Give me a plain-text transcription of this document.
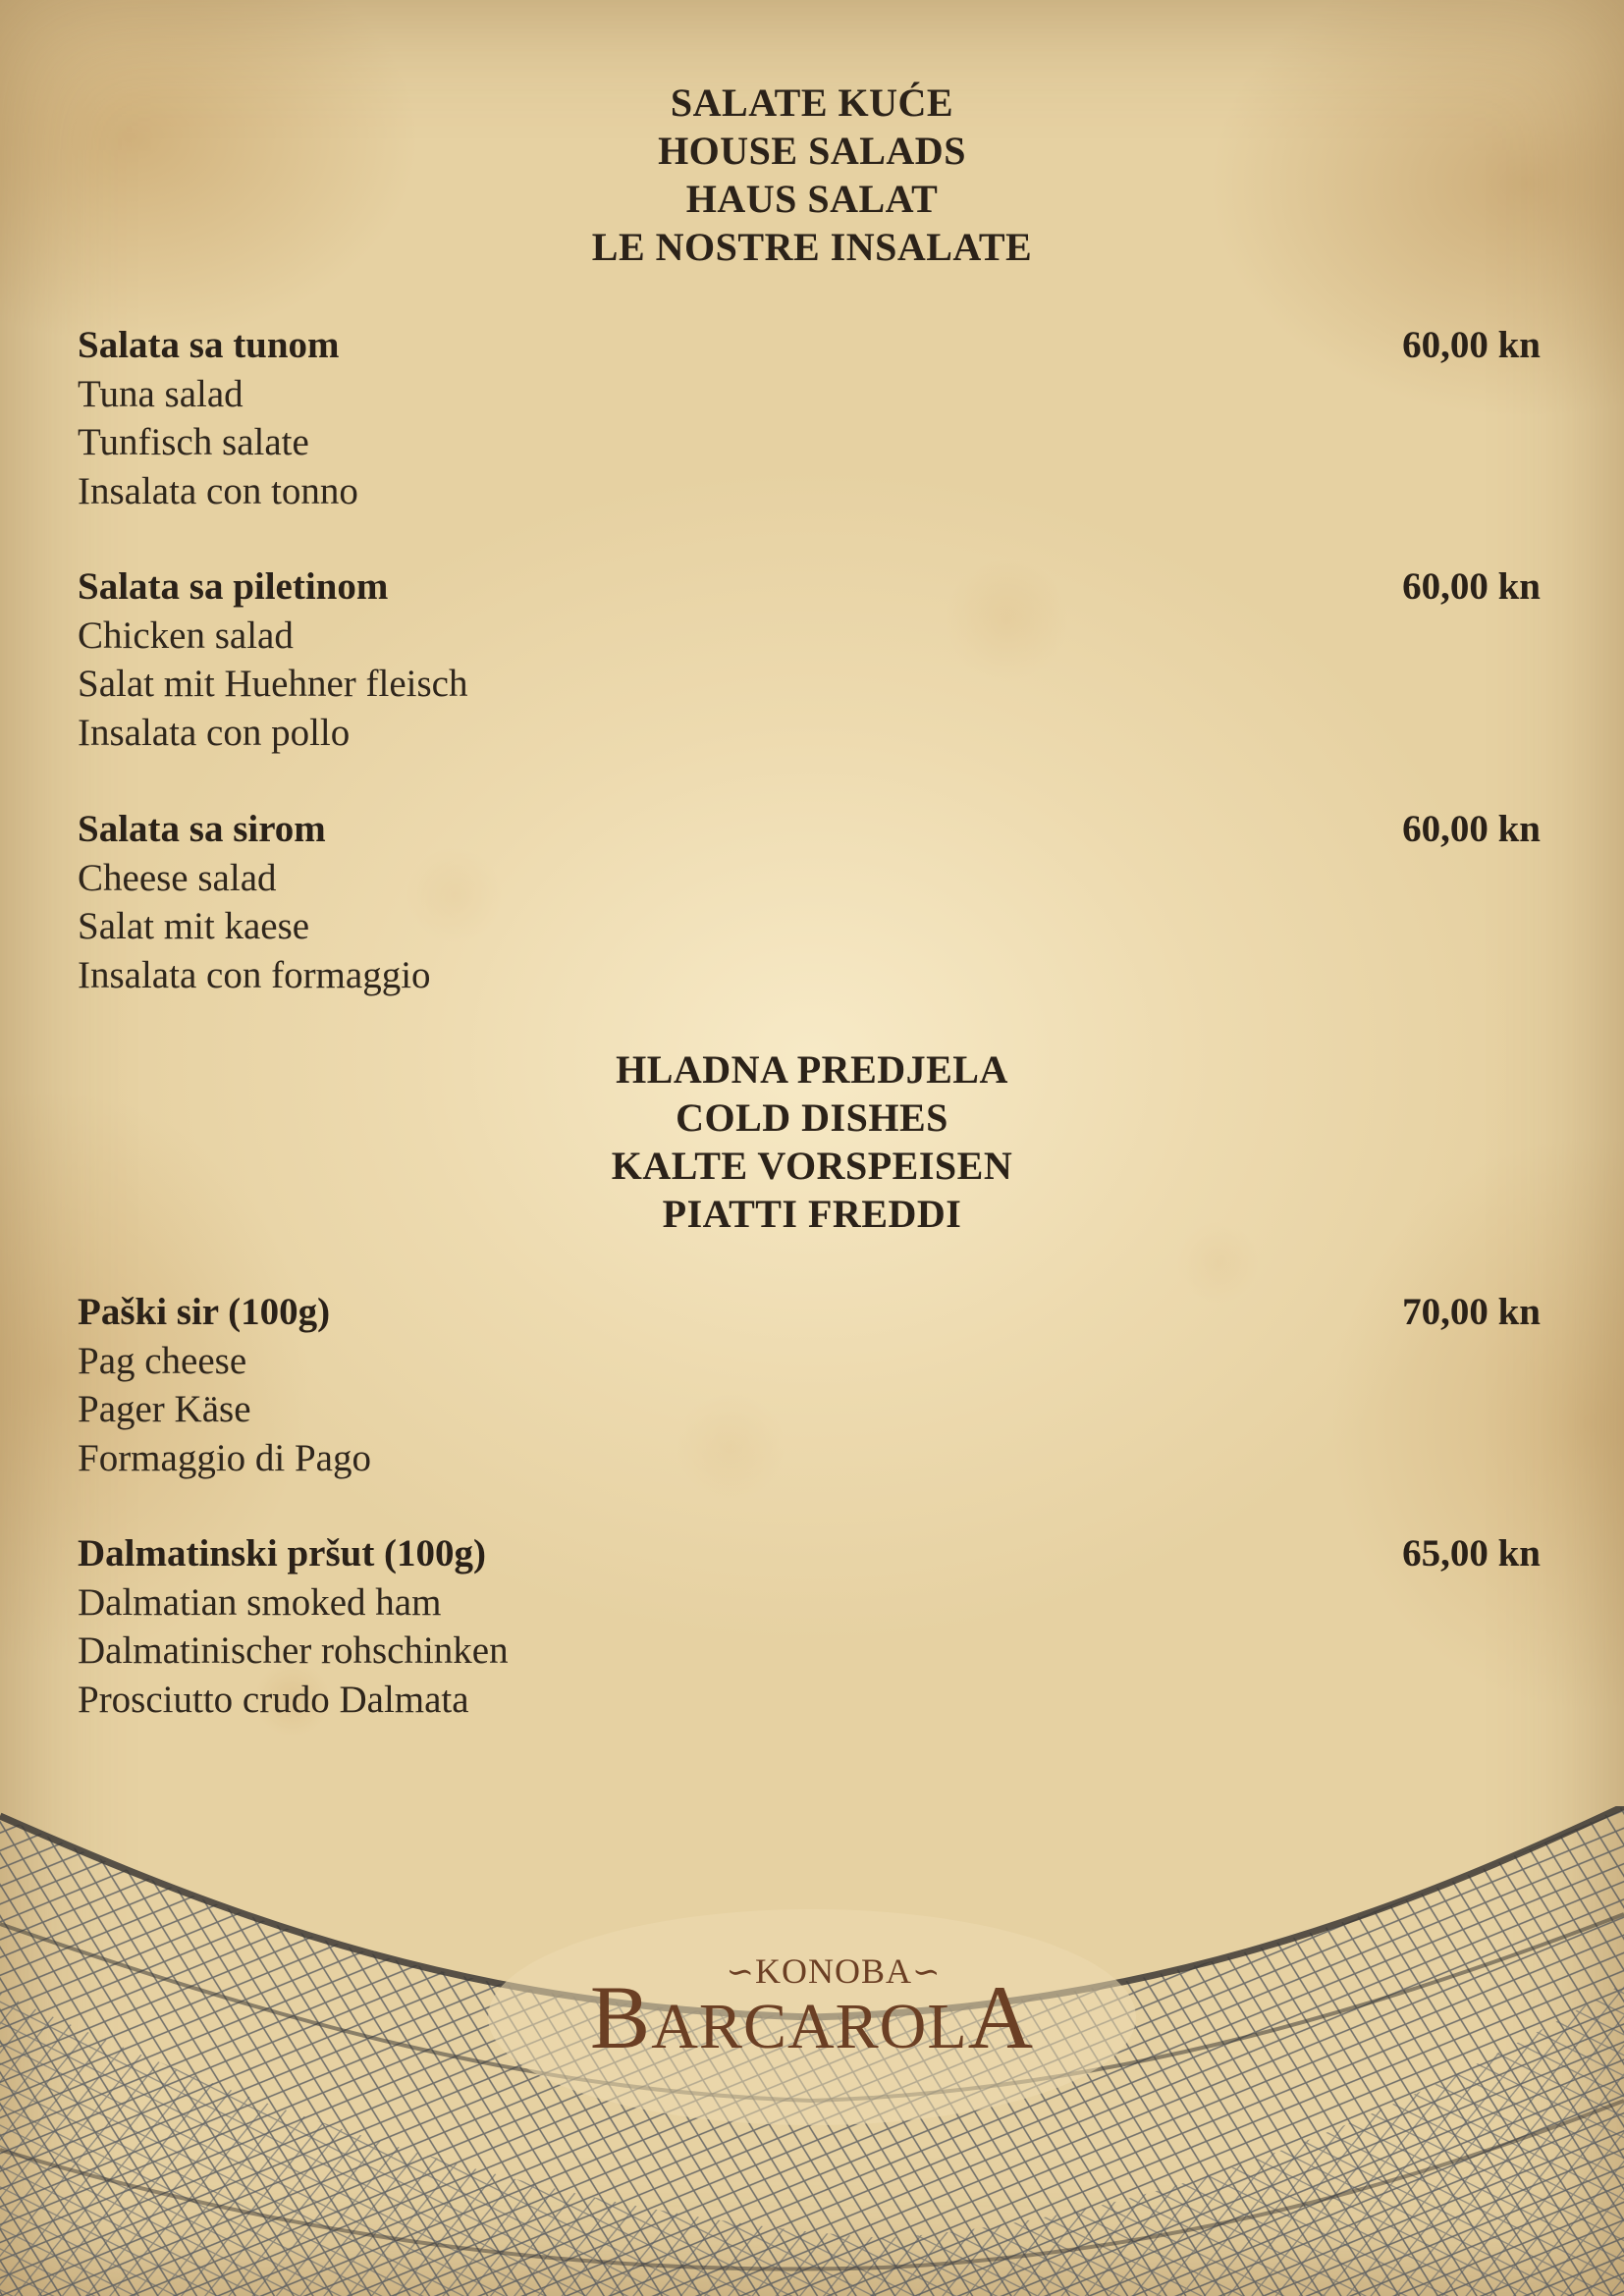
SALATE KUĆE
HOUSE SALADS
HAUS SALAT
LE NOSTRE INSALATE
Salata sa tunom
Tuna salad
Tunfisch salate
Insalata con tonno
60,00 kn
Salata sa piletinom
Chicken salad
Salat mit Huehner fleisch
Insalata con pollo
60,00 kn
Salata sa sirom
Cheese salad
Salat mit kaese
Insalata con formaggio
60,00 kn
HLADNA PREDJELA
COLD DISHES
KALTE VORSPEISEN
PIATTI FREDDI
Paški sir (100g)
Pag cheese
Pager Käse
Formaggio di Pago
70,00 kn
Dalmatinski pršut (100g)
Dalmatian smoked ham
Dalmatinischer rohschinken
Prosciutto crudo Dalmata
65,00 kn
∽KONOBA∽
BARCAROLA
